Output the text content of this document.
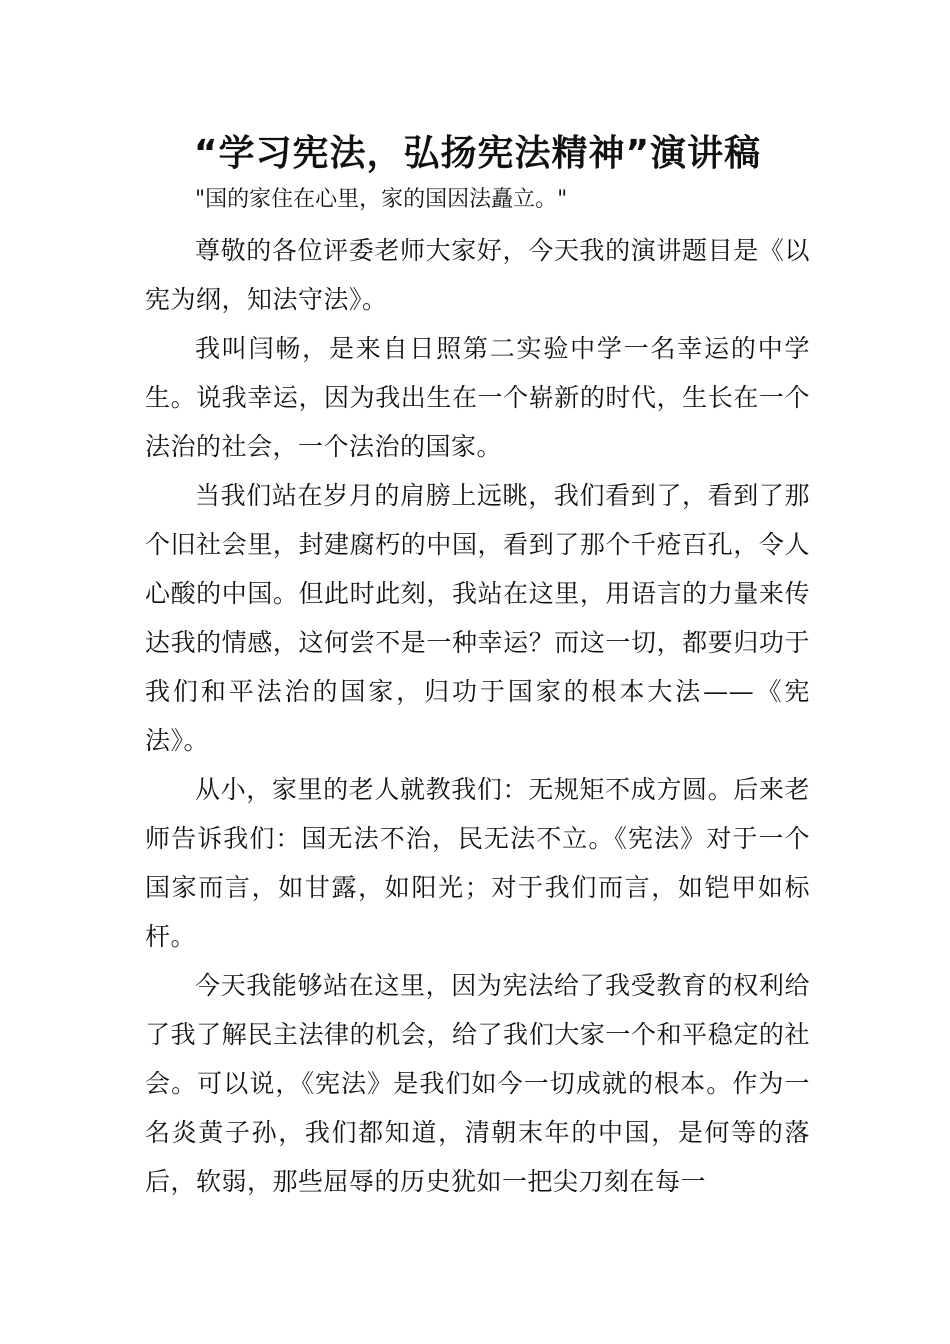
“学习宪法，弘扬宪法精神”演讲稿
"国的家住在心里，家的国因法矗立。"

尊敬的各位评委老师大家好，今天我的演讲题目是《以宪为纲，知法守法》。

我叫闫畅，是来自日照第二实验中学一名幸运的中学生。说我幸运，因为我出生在一个崭新的时代，生长在一个法治的社会，一个法治的国家。

当我们站在岁月的肩膀上远眺，我们看到了，看到了那个旧社会里，封建腐朽的中国，看到了那个千疮百孔，令人心酸的中国。但此时此刻，我站在这里，用语言的力量来传达我的情感，这何尝不是一种幸运？而这一切，都要归功于我们和平法治的国家，归功于国家的根本大法——《宪法》。

从小，家里的老人就教我们：无规矩不成方圆。后来老师告诉我们：国无法不治，民无法不立。《宪法》对于一个国家而言，如甘露，如阳光；对于我们而言，如铠甲如标杆。

今天我能够站在这里，因为宪法给了我受教育的权利给了我了解民主法律的机会，给了我们大家一个和平稳定的社会。可以说，《宪法》是我们如今一切成就的根本。作为一名炎黄子孙，我们都知道，清朝末年的中国，是何等的落后，软弱，那些屈辱的历史犹如一把尖刀刻在每一
